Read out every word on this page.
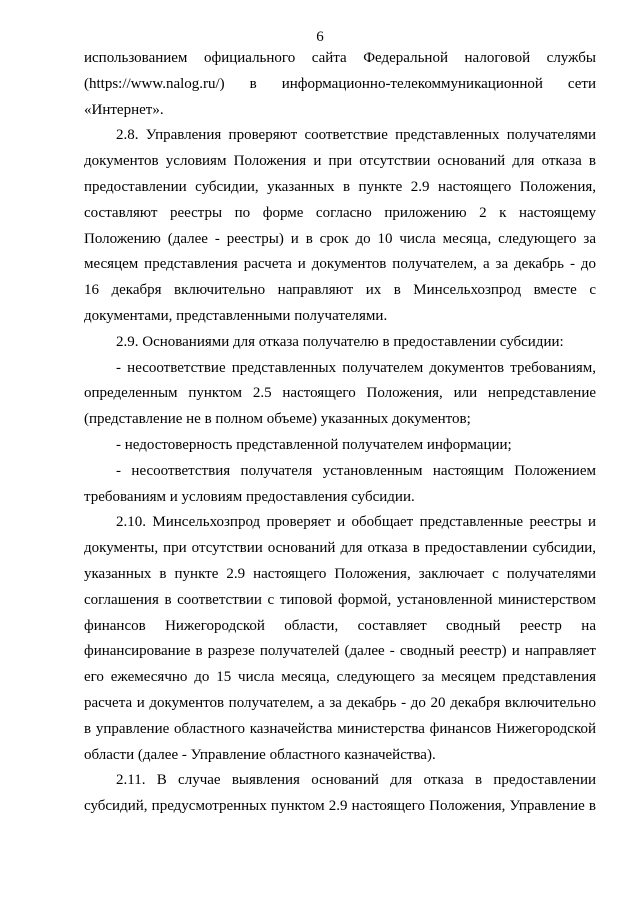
6
использованием официального сайта Федеральной налоговой службы
(https://www.nalog.ru/) в информационно-телекоммуникационной сети
«Интернет».
2.8. Управления проверяют соответствие представленных получателями
документов условиям Положения и при отсутствии оснований для отказа в
предоставлении субсидии, указанных в пункте 2.9 настоящего Положения,
составляют реестры по форме согласно приложению 2 к настоящему
Положению (далее - реестры) и в срок до 10 числа месяца, следующего за
месяцем представления расчета и документов получателем, а за декабрь - до
16 декабря включительно направляют их в Минсельхозпрод вместе с
документами, представленными получателями.
2.9. Основаниями для отказа получателю в предоставлении субсидии:
- несоответствие представленных получателем документов требованиям,
определенным пунктом 2.5 настоящего Положения, или непредставление
(представление не в полном объеме) указанных документов;
- недостоверность представленной получателем информации;
- несоответствия получателя установленным настоящим Положением
требованиям и условиям предоставления субсидии.
2.10. Минсельхозпрод проверяет и обобщает представленные реестры и
документы, при отсутствии оснований для отказа в предоставлении субсидии,
указанных в пункте 2.9 настоящего Положения, заключает с получателями
соглашения в соответствии с типовой формой, установленной министерством
финансов Нижегородской области, составляет сводный реестр на
финансирование в разрезе получателей (далее - сводный реестр) и направляет
его ежемесячно до 15 числа месяца, следующего за месяцем представления
расчета и документов получателем, а за декабрь - до 20 декабря включительно
в управление областного казначейства министерства финансов Нижегородской
области (далее - Управление областного казначейства).
2.11. В случае выявления оснований для отказа в предоставлении
субсидий, предусмотренных пунктом 2.9 настоящего Положения, Управление в
